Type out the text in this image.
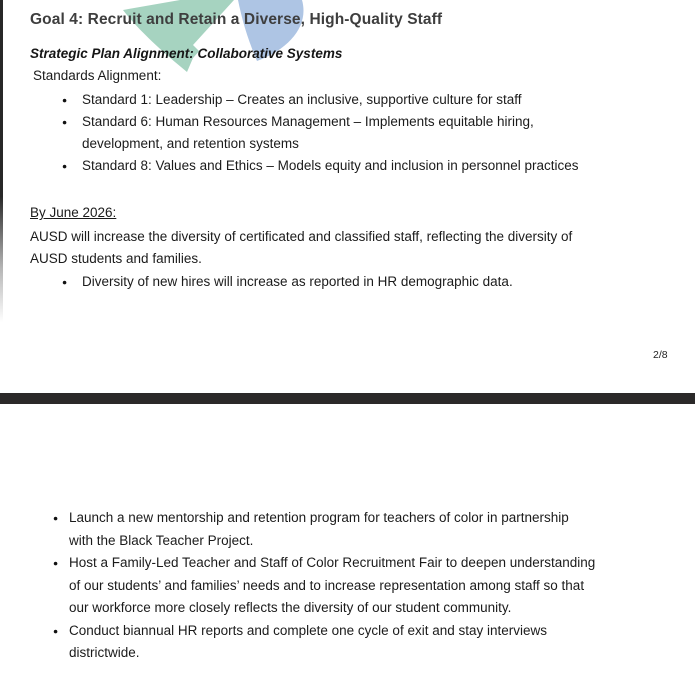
Goal 4: Recruit and Retain a Diverse, High-Quality Staff
Strategic Plan Alignment: Collaborative Systems
Standards Alignment:
● Standard 1: Leadership – Creates an inclusive, supportive culture for staff
● Standard 6: Human Resources Management – Implements equitable hiring,
development, and retention systems
● Standard 8: Values and Ethics – Models equity and inclusion in personnel practices
By June 2026:
AUSD will increase the diversity of certificated and classified staff, reflecting the diversity of
AUSD students and families.
● Diversity of new hires will increase as reported in HR demographic data.
2/8
● Launch a new mentorship and retention program for teachers of color in partnership
with the Black Teacher Project.
● Host a Family-Led Teacher and Staff of Color Recruitment Fair to deepen understanding
of our students’ and families’ needs and to increase representation among staff so that
our workforce more closely reflects the diversity of our student community.
● Conduct biannual HR reports and complete one cycle of exit and stay interviews
districtwide.
